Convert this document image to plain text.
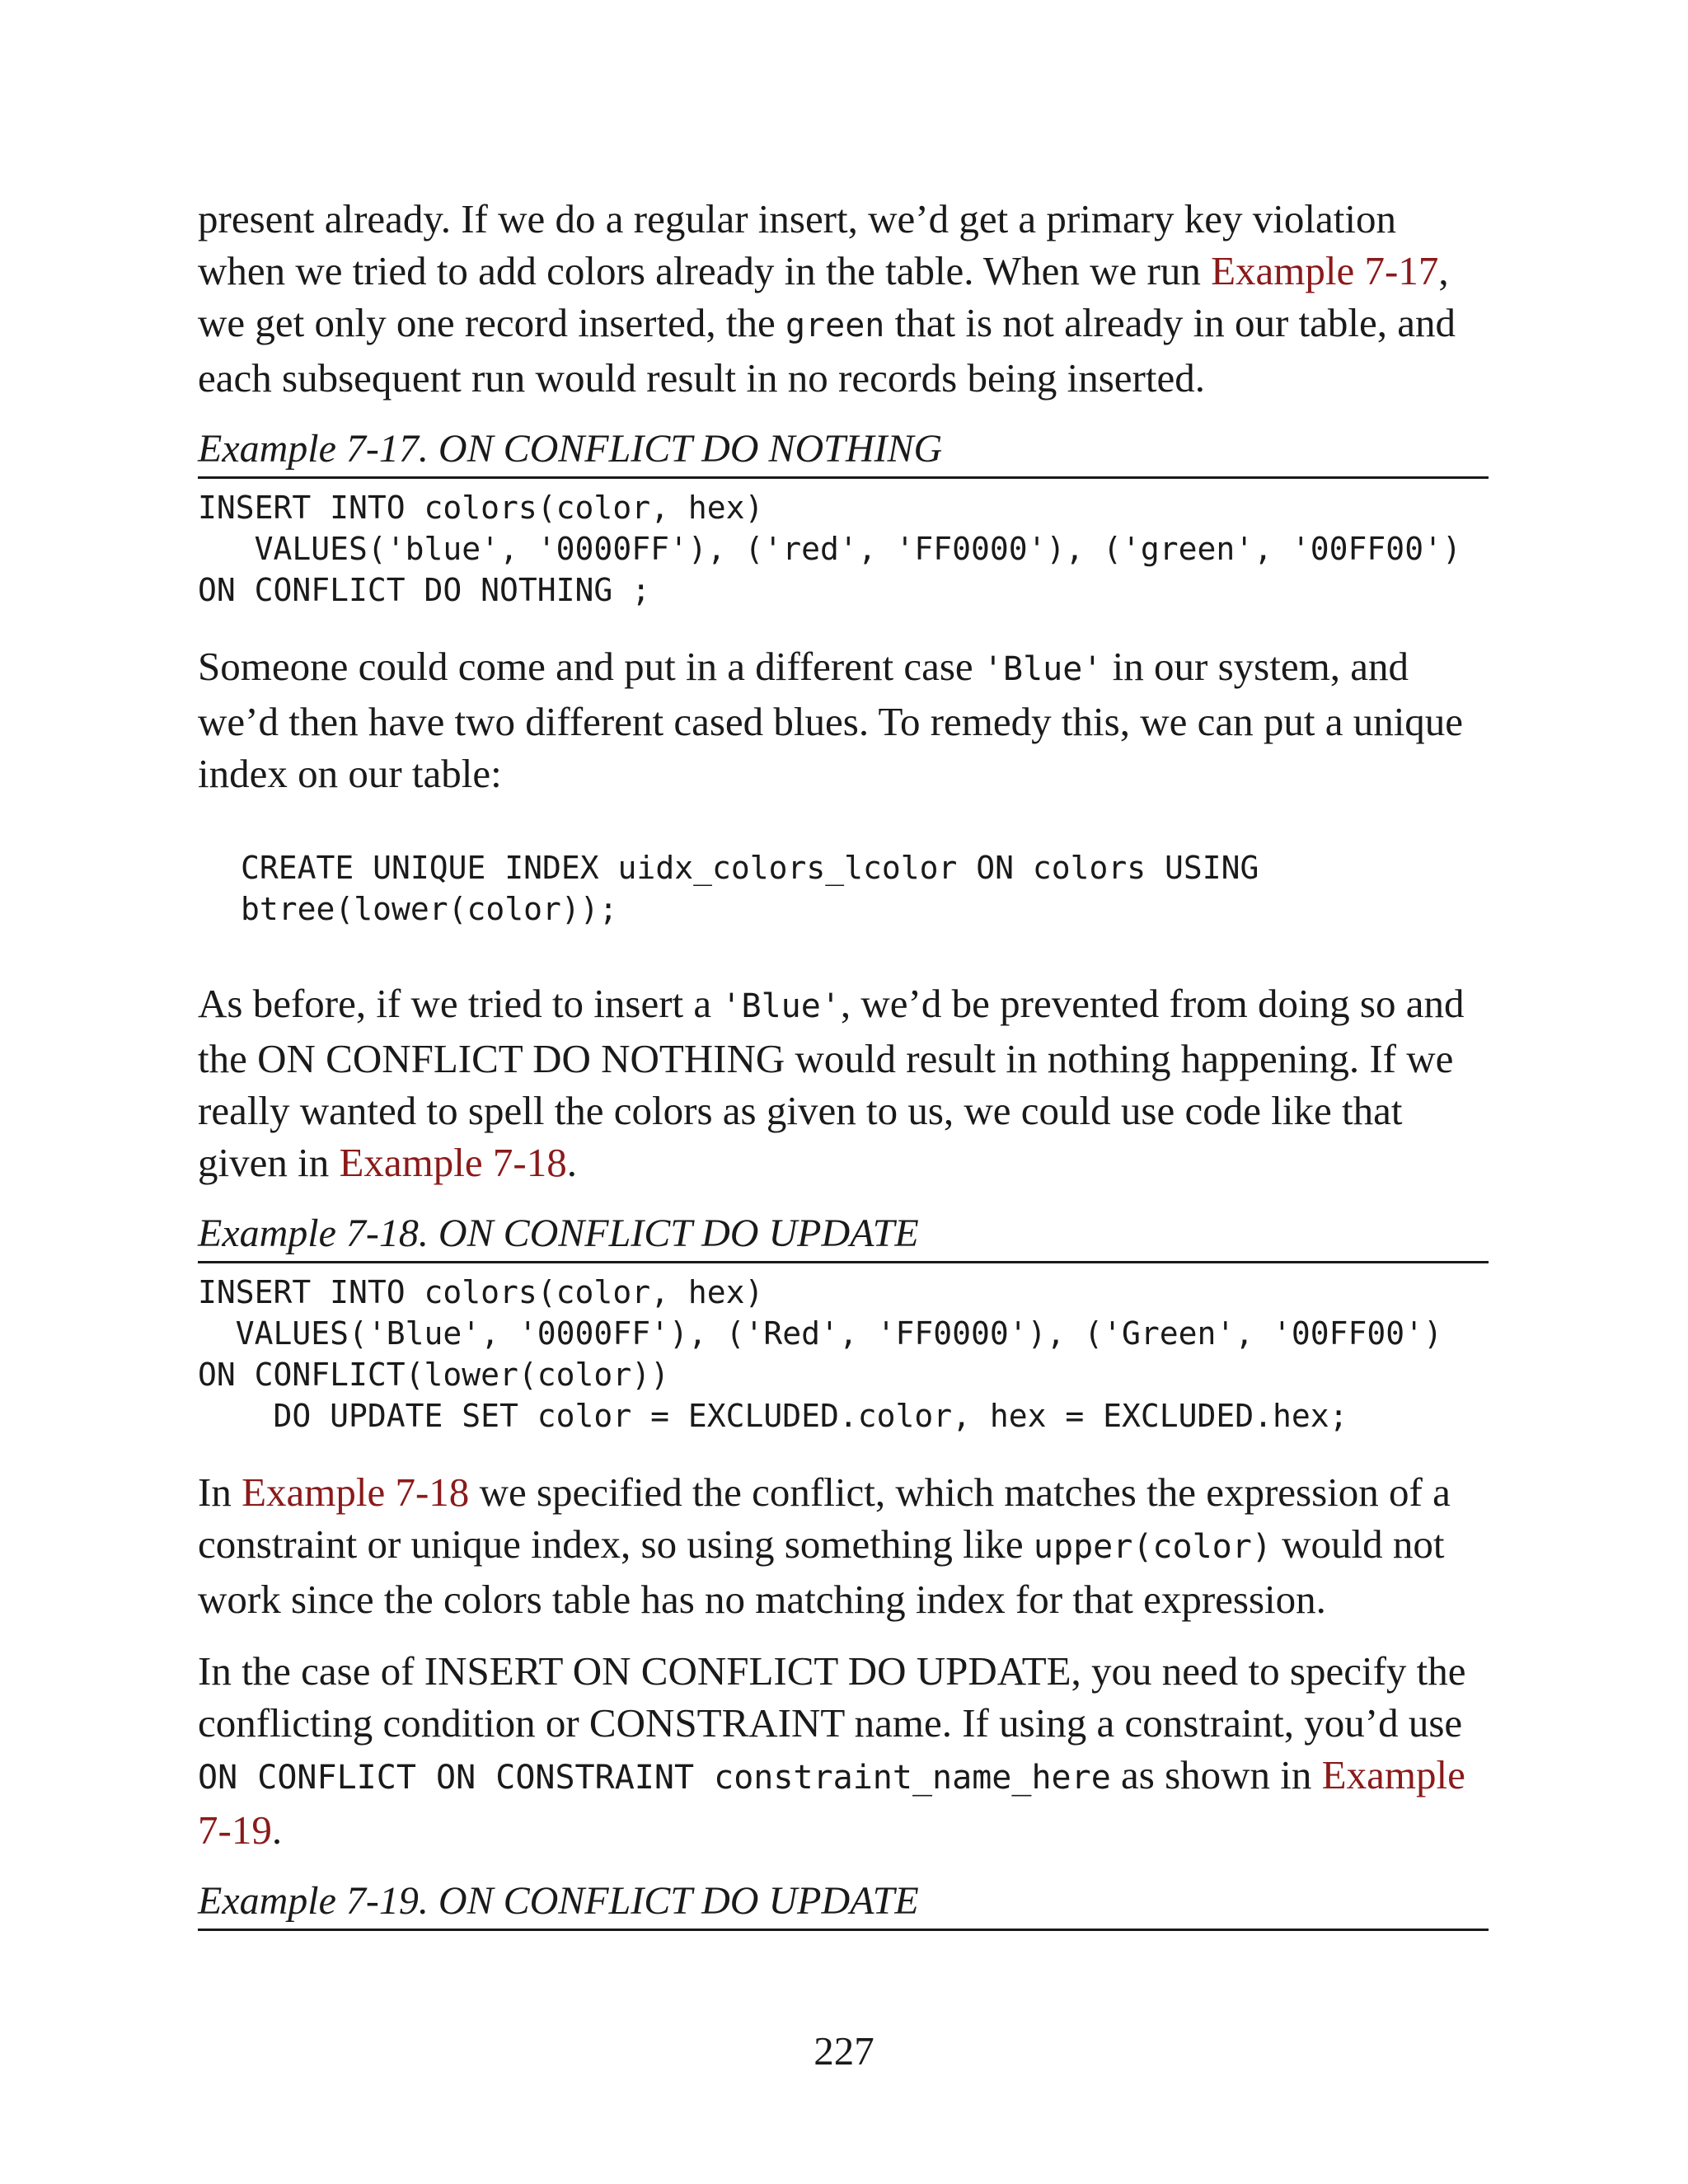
present already. If we do a regular insert, we’d get a primary key violation when we tried to add colors already in the table. When we run Example 7-17, we get only one record inserted, the green that is not already in our table, and each subsequent run would result in no records being inserted.

Example 7-17. ON CONFLICT DO NOTHING
INSERT INTO colors(color, hex)
VALUES('blue', '0000FF'), ('red', 'FF0000'), ('green', '00FF00')
ON CONFLICT DO NOTHING ;

Someone could come and put in a different case 'Blue' in our system, and we’d then have two different cased blues. To remedy this, we can put a unique index on our table:

CREATE UNIQUE INDEX uidx_colors_lcolor ON colors USING
btree(lower(color));

As before, if we tried to insert a 'Blue', we’d be prevented from doing so and the ON CONFLICT DO NOTHING would result in nothing happening. If we really wanted to spell the colors as given to us, we could use code like that given in Example 7-18.

Example 7-18. ON CONFLICT DO UPDATE
INSERT INTO colors(color, hex)
VALUES('Blue', '0000FF'), ('Red', 'FF0000'), ('Green', '00FF00')
ON CONFLICT(lower(color))
DO UPDATE SET color = EXCLUDED.color, hex = EXCLUDED.hex;

In Example 7-18 we specified the conflict, which matches the expression of a constraint or unique index, so using something like upper(color) would not work since the colors table has no matching index for that expression.

In the case of INSERT ON CONFLICT DO UPDATE, you need to specify the conflicting condition or CONSTRAINT name. If using a constraint, you’d use ON CONFLICT ON CONSTRAINT constraint_name_here as shown in Example 7-19.

Example 7-19. ON CONFLICT DO UPDATE
227
